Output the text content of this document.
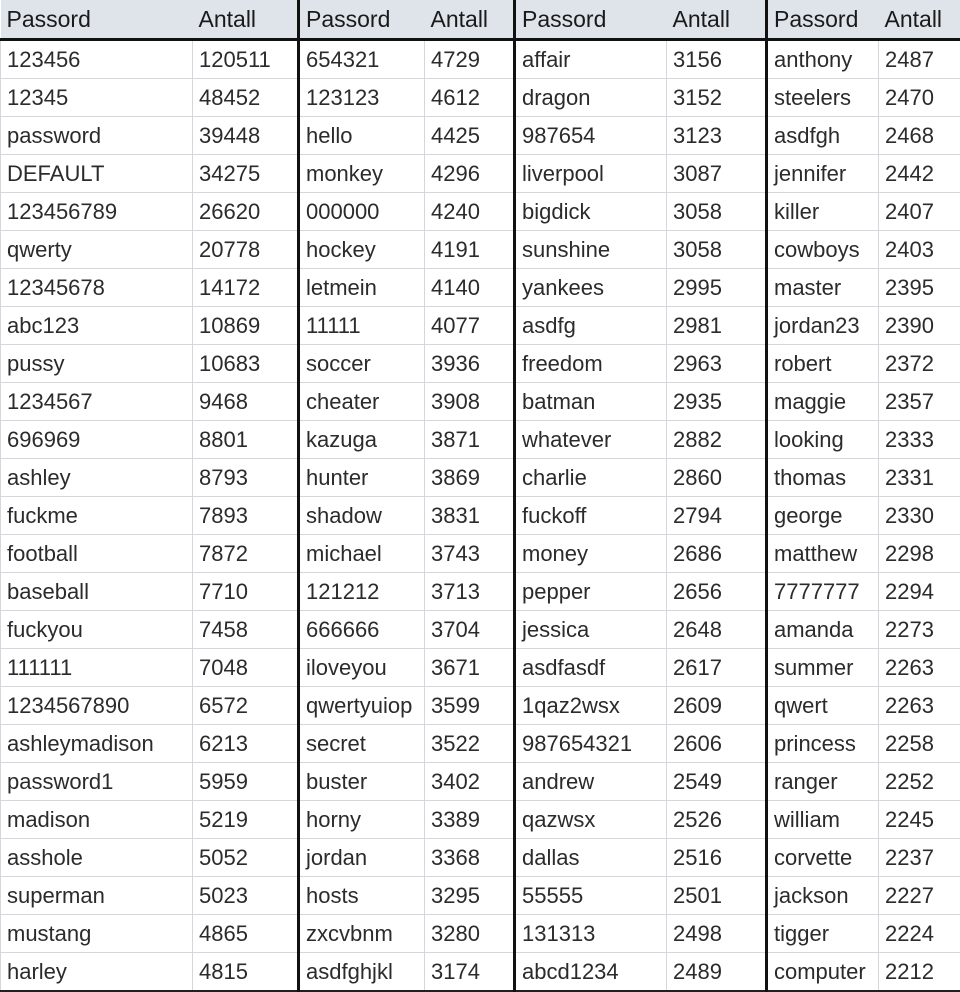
Passord	Antall	Passord	Antall	Passord	Antall	Passord	Antall
123456	120511	654321	4729	affair	3156	anthony	2487
12345	48452	123123	4612	dragon	3152	steelers	2470
password	39448	hello	4425	987654	3123	asdfgh	2468
DEFAULT	34275	monkey	4296	liverpool	3087	jennifer	2442
123456789	26620	000000	4240	bigdick	3058	killer	2407
qwerty	20778	hockey	4191	sunshine	3058	cowboys	2403
12345678	14172	letmein	4140	yankees	2995	master	2395
abc123	10869	11111	4077	asdfg	2981	jordan23	2390
pussy	10683	soccer	3936	freedom	2963	robert	2372
1234567	9468	cheater	3908	batman	2935	maggie	2357
696969	8801	kazuga	3871	whatever	2882	looking	2333
ashley	8793	hunter	3869	charlie	2860	thomas	2331
fuckme	7893	shadow	3831	fuckoff	2794	george	2330
football	7872	michael	3743	money	2686	matthew	2298
baseball	7710	121212	3713	pepper	2656	7777777	2294
fuckyou	7458	666666	3704	jessica	2648	amanda	2273
111111	7048	iloveyou	3671	asdfasdf	2617	summer	2263
1234567890	6572	qwertyuiop	3599	1qaz2wsx	2609	qwert	2263
ashleymadison	6213	secret	3522	987654321	2606	princess	2258
password1	5959	buster	3402	andrew	2549	ranger	2252
madison	5219	horny	3389	qazwsx	2526	william	2245
asshole	5052	jordan	3368	dallas	2516	corvette	2237
superman	5023	hosts	3295	55555	2501	jackson	2227
mustang	4865	zxcvbnm	3280	131313	2498	tigger	2224
harley	4815	asdfghjkl	3174	abcd1234	2489	computer	2212
